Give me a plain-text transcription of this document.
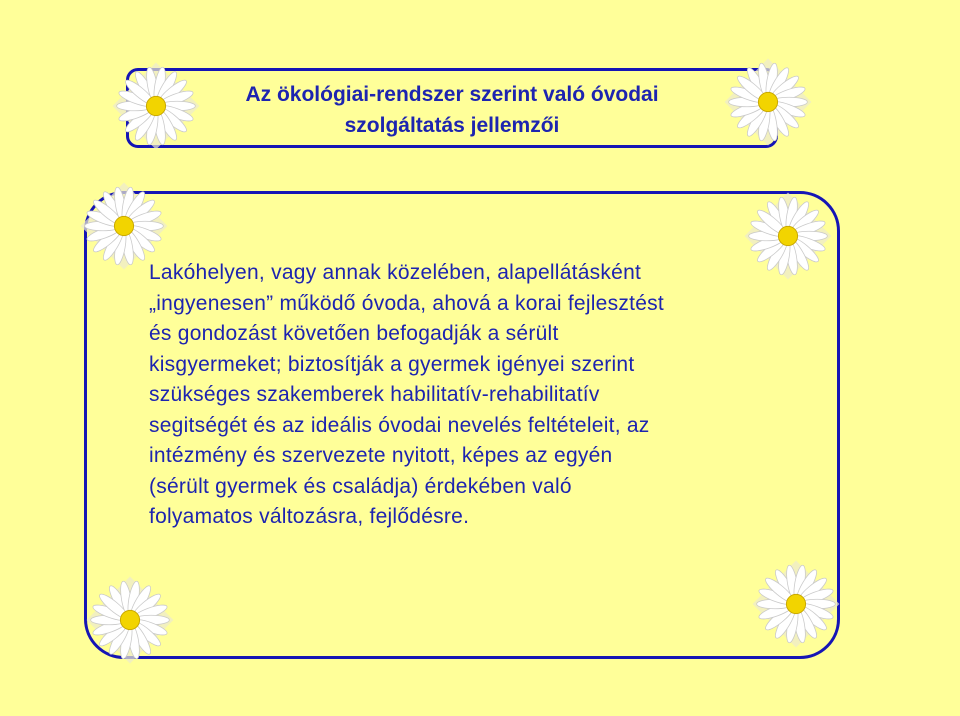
Az ökológiai-rendszer szerint való óvodai
szolgáltatás jellemzői

Lakóhelyen, vagy annak közelében, alapellátásként
„ingyenesen” működő óvoda, ahová a korai fejlesztést
és gondozást követően befogadják a sérült
kisgyermeket; biztosítják a gyermek igényei szerint
szükséges szakemberek habilitatív-rehabilitatív
segitségét és az ideális óvodai nevelés feltételeit, az
intézmény és szervezete nyitott, képes az egyén
(sérült gyermek és családja) érdekében való
folyamatos változásra, fejlődésre.
